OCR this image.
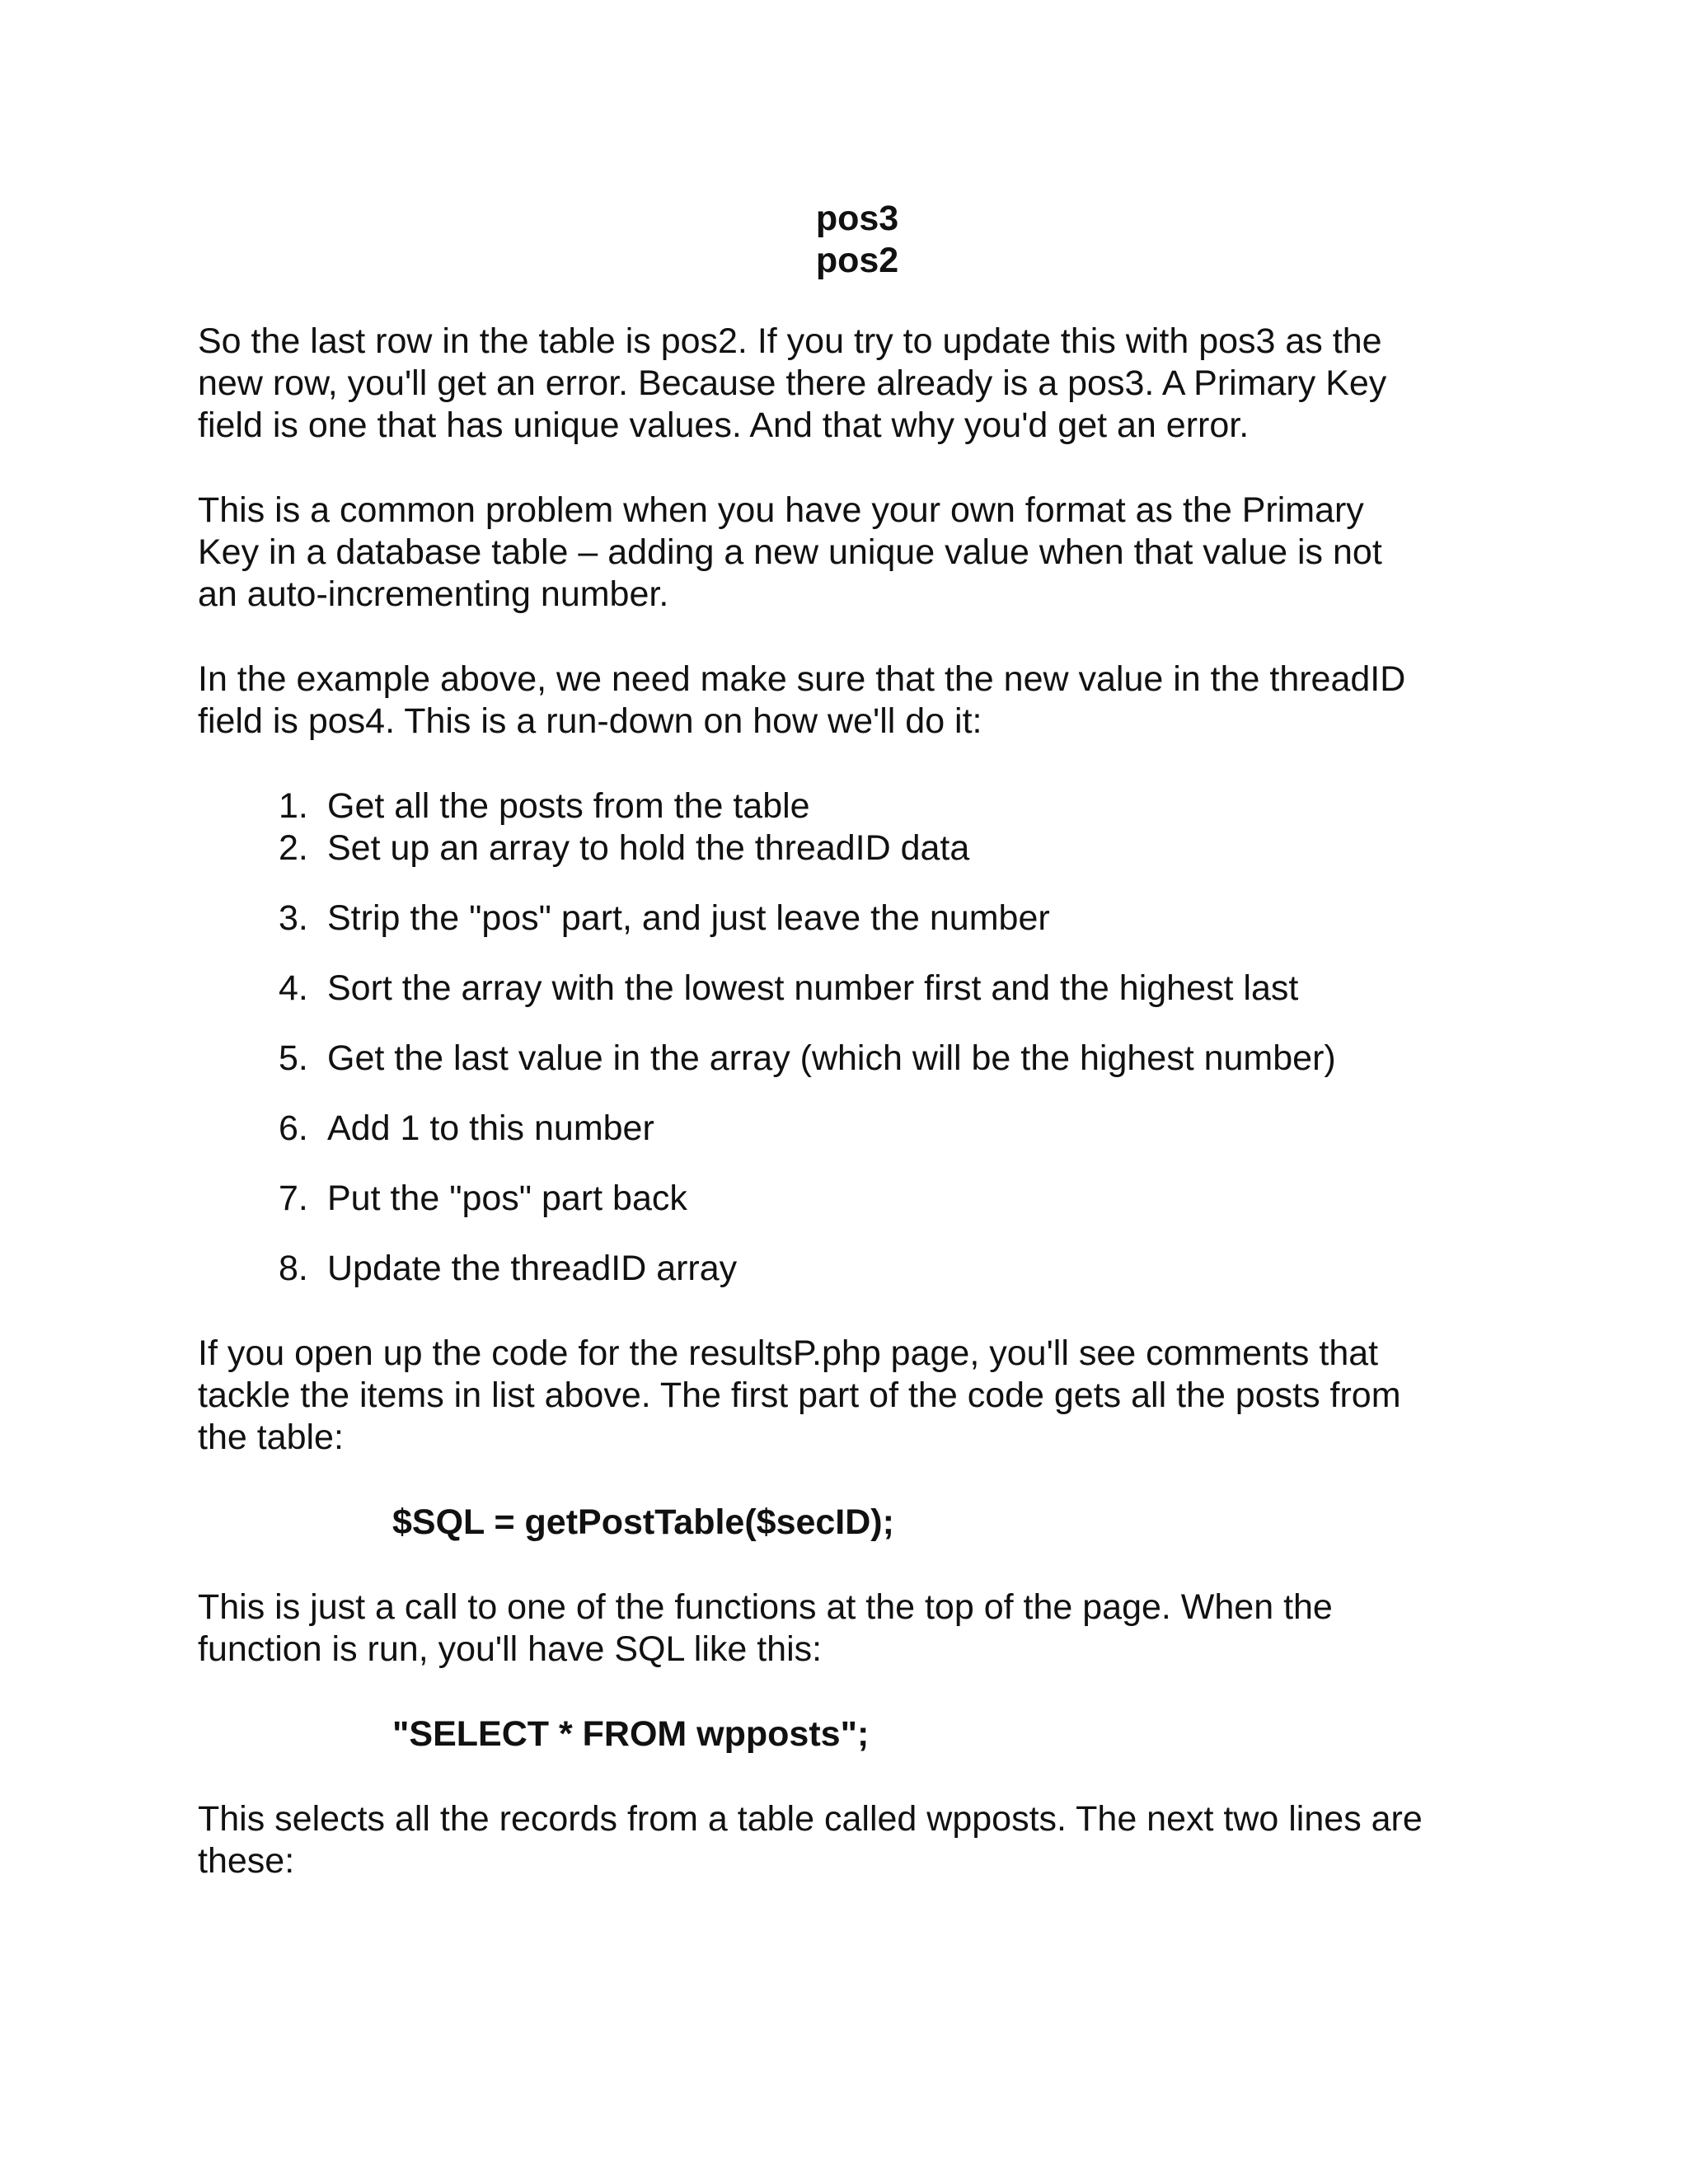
pos3
pos2

So the last row in the table is pos2. If you try to update this with pos3 as the
new row, you'll get an error. Because there already is a pos3. A Primary Key
field is one that has unique values. And that why you'd get an error.

This is a common problem when you have your own format as the Primary
Key in a database table – adding a new unique value when that value is not
an auto-incrementing number.

In the example above, we need make sure that the new value in the threadID
field is pos4. This is a run-down on how we'll do it:

1. Get all the posts from the table
2. Set up an array to hold the threadID data
3. Strip the "pos" part, and just leave the number
4. Sort the array with the lowest number first and the highest last
5. Get the last value in the array (which will be the highest number)
6. Add 1 to this number
7. Put the "pos" part back
8. Update the threadID array

If you open up the code for the resultsP.php page, you'll see comments that
tackle the items in list above. The first part of the code gets all the posts from
the table:

$SQL = getPostTable($secID);

This is just a call to one of the functions at the top of the page. When the
function is run, you'll have SQL like this:

"SELECT * FROM wpposts";

This selects all the records from a table called wpposts. The next two lines are
these:
